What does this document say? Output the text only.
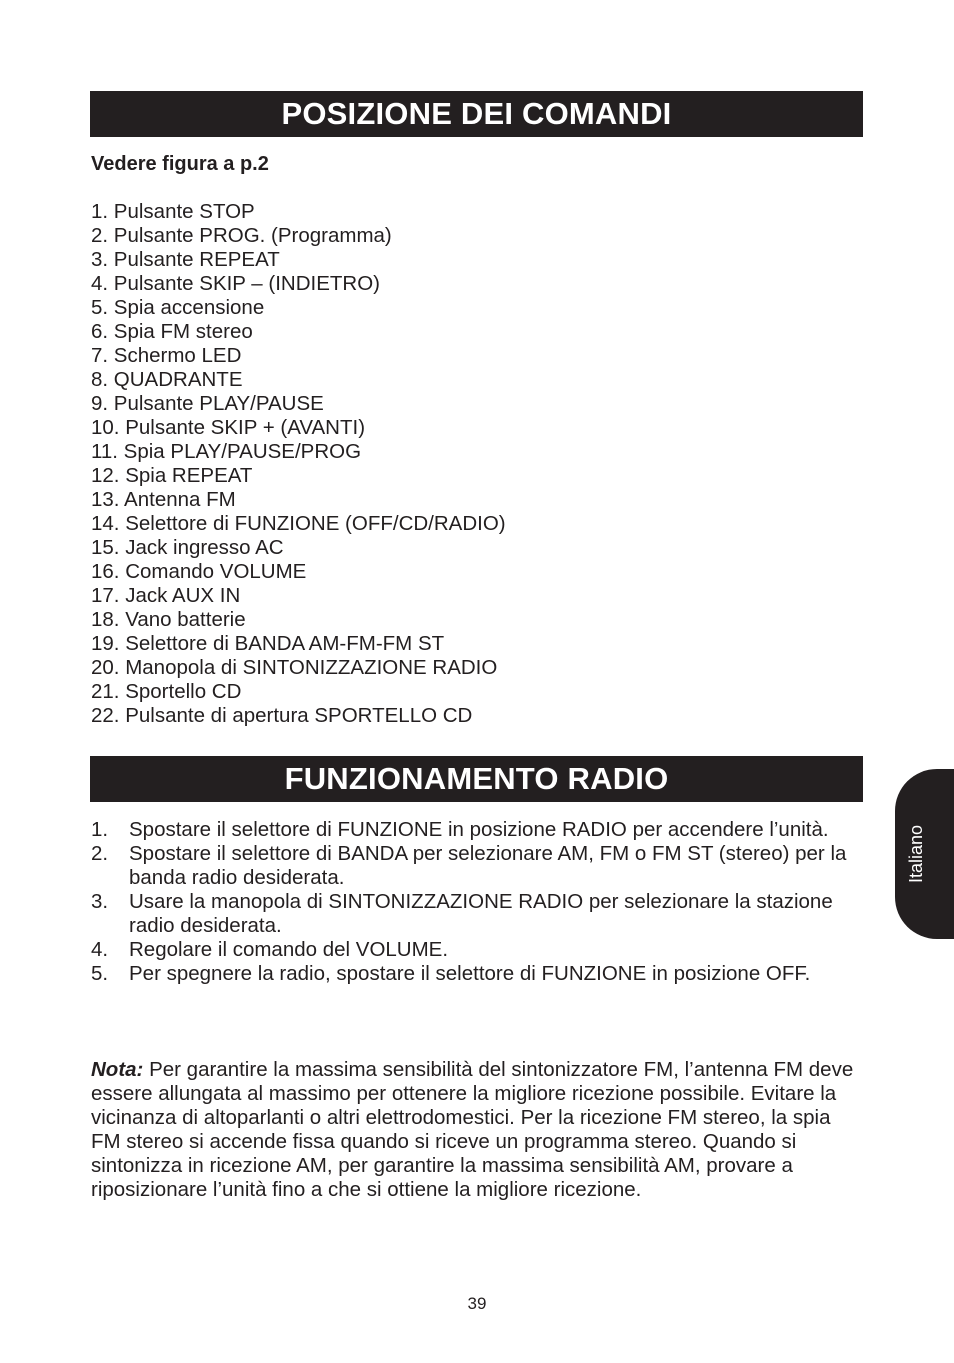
POSIZIONE DEI COMANDI
Vedere figura a p.2
1. Pulsante STOP
2. Pulsante PROG. (Programma)
3. Pulsante REPEAT
4. Pulsante SKIP – (INDIETRO)
5. Spia accensione
6. Spia FM stereo
7. Schermo LED
8. QUADRANTE
9. Pulsante PLAY/PAUSE
10. Pulsante SKIP + (AVANTI)
11. Spia PLAY/PAUSE/PROG
12. Spia REPEAT
13. Antenna FM
14. Selettore di FUNZIONE (OFF/CD/RADIO)
15. Jack ingresso AC
16. Comando VOLUME
17. Jack AUX IN
18. Vano batterie
19. Selettore di BANDA AM-FM-FM ST
20. Manopola di SINTONIZZAZIONE RADIO
21. Sportello CD
22. Pulsante di apertura SPORTELLO CD
FUNZIONAMENTO RADIO
1. Spostare il selettore di FUNZIONE in posizione RADIO per accendere l’unità.
2. Spostare il selettore di BANDA per selezionare AM, FM o FM ST (stereo) per la banda radio desiderata.
3. Usare la manopola di SINTONIZZAZIONE RADIO per selezionare la stazione radio desiderata.
4. Regolare il comando del VOLUME.
5. Per spegnere la radio, spostare il selettore di FUNZIONE in posizione OFF.

Nota: Per garantire la massima sensibilità del sintonizzatore FM, l’antenna FM deve essere allungata al massimo per ottenere la migliore ricezione possibile. Evitare la vicinanza di altoparlanti o altri elettrodomestici. Per la ricezione FM stereo, la spia FM stereo si accende fissa quando si riceve un programma stereo. Quando si sintonizza in ricezione AM, per garantire la massima sensibilità AM, provare a riposizionare l’unità fino a che si ottiene la migliore ricezione.

Italiano
39
